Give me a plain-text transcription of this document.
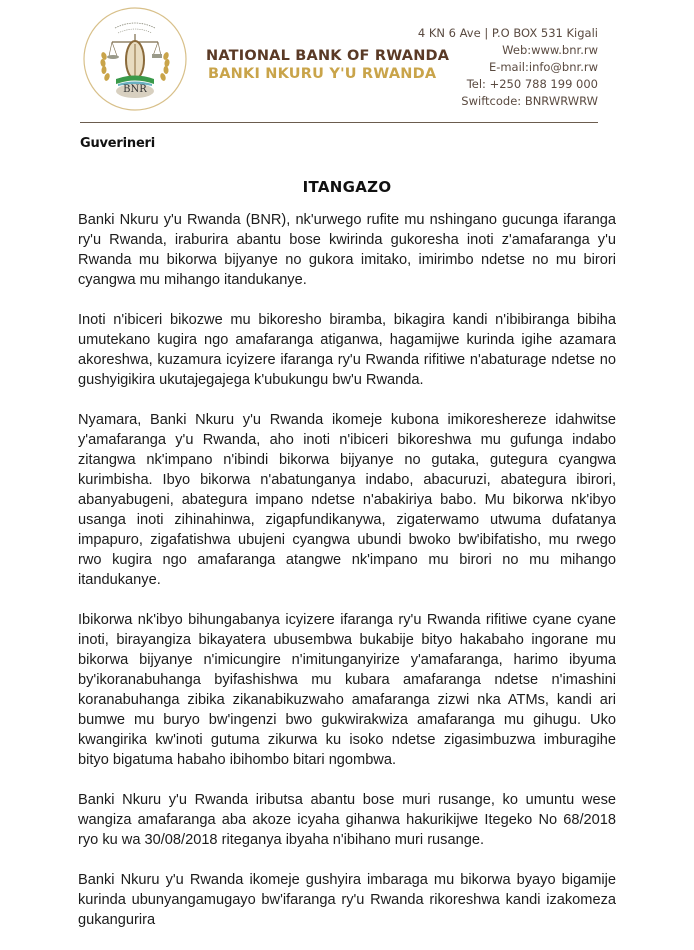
BNR
NATIONAL BANK OF RWANDA
BANKI NKURU Y'U RWANDA
4 KN 6 Ave | P.O BOX 531 Kigali
Web:www.bnr.rw
E-mail:info@bnr.rw
Tel: +250 788 199 000
Swiftcode: BNRWRWRW
Guverineri
ITANGAZO

Banki Nkuru y'u Rwanda (BNR), nk'urwego rufite mu nshingano gucunga ifaranga ry'u Rwanda, iraburira abantu bose kwirinda gukoresha inoti z'amafaranga y'u Rwanda mu bikorwa bijyanye no gukora imitako, imirimbo ndetse no mu birori cyangwa mu mihango itandukanye.

Inoti n'ibiceri bikozwe mu bikoresho biramba, bikagira kandi n'ibibiranga bibiha umutekano kugira ngo amafaranga atiganwa, hagamijwe kurinda igihe azamara akoreshwa, kuzamura icyizere ifaranga ry'u Rwanda rifitiwe n'abaturage ndetse no gushyigikira ukutajegajega k'ubukungu bw'u Rwanda.

Nyamara, Banki Nkuru y'u Rwanda ikomeje kubona imikoreshereze idahwitse y'amafaranga y'u Rwanda, aho inoti n'ibiceri bikoreshwa mu gufunga indabo zitangwa nk'impano n'ibindi bikorwa bijyanye no gutaka, gutegura cyangwa kurimbisha. Ibyo bikorwa n'abatunganya indabo, abacuruzi, abategura ibirori, abanyabugeni, abategura impano ndetse n'abakiriya babo. Mu bikorwa nk'ibyo usanga inoti zihinahinwa, zigapfundikanywa, zigaterwamo utwuma dufatanya impapuro, zigafatishwa ubujeni cyangwa ubundi bwoko bw'ibifatisho, mu rwego rwo kugira ngo amafaranga atangwe nk'impano mu birori no mu mihango itandukanye.

Ibikorwa nk'ibyo bihungabanya icyizere ifaranga ry'u Rwanda rifitiwe cyane cyane inoti, birayangiza bikayatera ubusembwa bukabije bityo hakabaho ingorane mu bikorwa bijyanye n'imicungire n'imitunganyirize y'amafaranga, harimo ibyuma by'ikoranabuhanga byifashishwa mu kubara amafaranga ndetse n'imashini koranabuhanga zibika zikanabikuzwaho amafaranga zizwi nka ATMs, kandi ari bumwe mu buryo bw'ingenzi bwo gukwirakwiza amafaranga mu gihugu. Uko kwangirika kw'inoti gutuma zikurwa ku isoko ndetse zigasimbuzwa imburagihe bityo bigatuma habaho ibihombo bitari ngombwa.

Banki Nkuru y'u Rwanda iributsa abantu bose muri rusange, ko umuntu wese wangiza amafaranga aba akoze icyaha gihanwa hakurikijwe Itegeko No 68/2018 ryo ku wa 30/08/2018 riteganya ibyaha n'ibihano muri rusange.

Banki Nkuru y'u Rwanda ikomeje gushyira imbaraga mu bikorwa byayo bigamije kurinda ubunyangamugayo bw'ifaranga ry'u Rwanda rikoreshwa kandi izakomeza gukangurira
